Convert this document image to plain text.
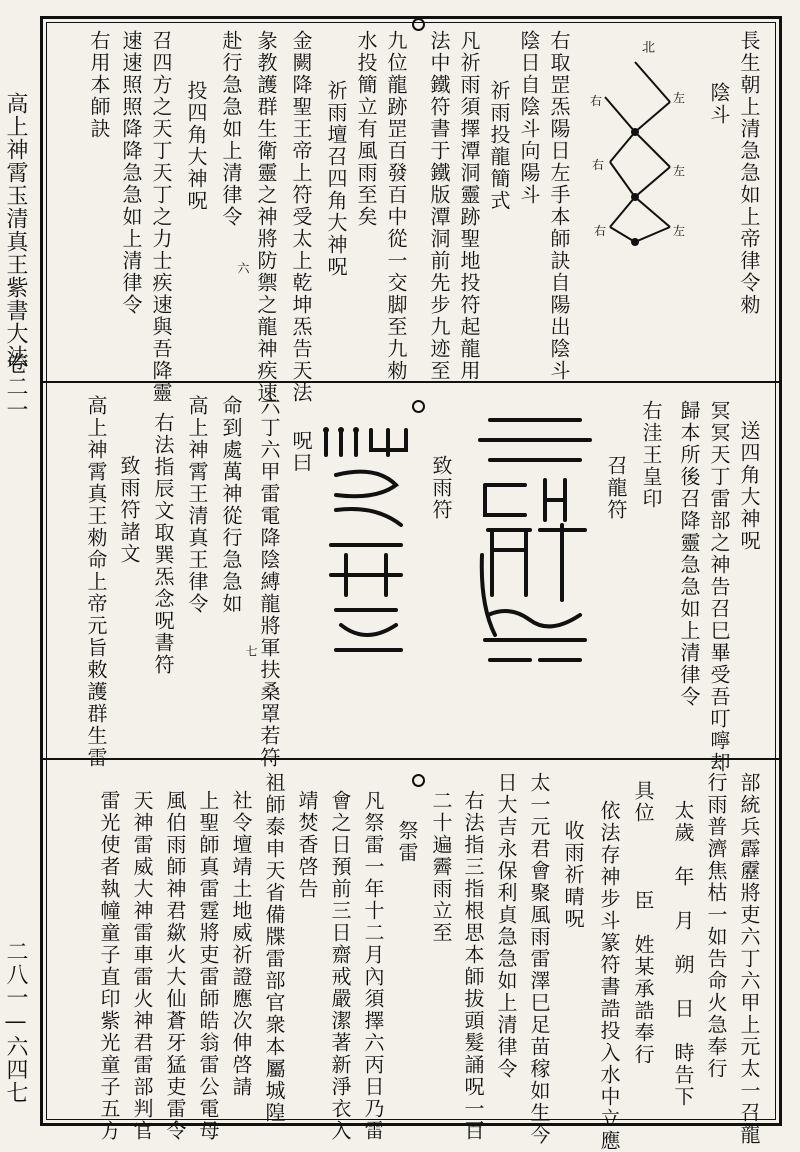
高上神霄玉清真王紫書大法
卷二一
二八一—六四七
長生朝上清急急如上帝律令勑
陰斗
北
左
右
左
右
左
右
右取罡炁陽日左手本師訣自陽出陰斗
陰日自陰斗向陽斗
祈雨投龍簡式
凡祈雨須擇潭洞靈跡聖地投符起龍用
法中鐵符書于鐵版潭洞前先步九迹至
九位龍跡罡百發百中從一交脚至九勑
水投簡立有風雨至矣
祈雨壇召四角大神呪
金闕降聖王帝上符受太上乾坤炁告天法
彖教護群生衛靈之神將防禦之龍神疾速
赴行急急如上清律令
六
投四角大神呪
召四方之天丁天丁之力士疾速與吾降靈
速速照照降降急急如上清律令
右用本師訣
送四角大神呪
冥冥天丁雷部之神告召巳畢受吾叮嚀却
歸本所後召降靈急急如上清律令
右洼王皇印
召龍符
致雨符
呪曰
六丁六甲雷電降陰縛龍將軍扶桑罩若符
七
命到處萬神從行急急如
高上神霄王清真王律令
右法指辰文取巽炁念呪書符
致雨符諸文
高上神霄真王勑命上帝元旨敕護群生雷
部統兵霹靂將吏六丁六甲上元太一召龍
行雨普濟焦枯一如告命火急奉行
太歲　年　月　朔　日　時告下
具位　　　臣　姓某承誥奉行
依法存神步斗篆符書誥投入水中立應
收雨祈晴呪
太一元君會聚風雨雷澤巳足苗稼如生今
日大吉永保利貞急急如上清律令
右法指三指根思本師拔頭髮誦呪一百
二十遍霽雨立至
祭雷
凡祭雷一年十二月內須擇六丙日乃雷
會之日預前三日齋戒嚴潔著新淨衣入
靖焚香啓告
祖師泰申天省備牒雷部官衆本屬城隍
社令壇靖土地威祈證應次伸啓請
上聖師真雷霆將吏雷師皓翁雷公電母
風伯雨師神君歘火大仙蒼牙猛吏雷令
天神雷威大神雷車雷火神君雷部判官
雷光使者執幢童子直印紫光童子五方
